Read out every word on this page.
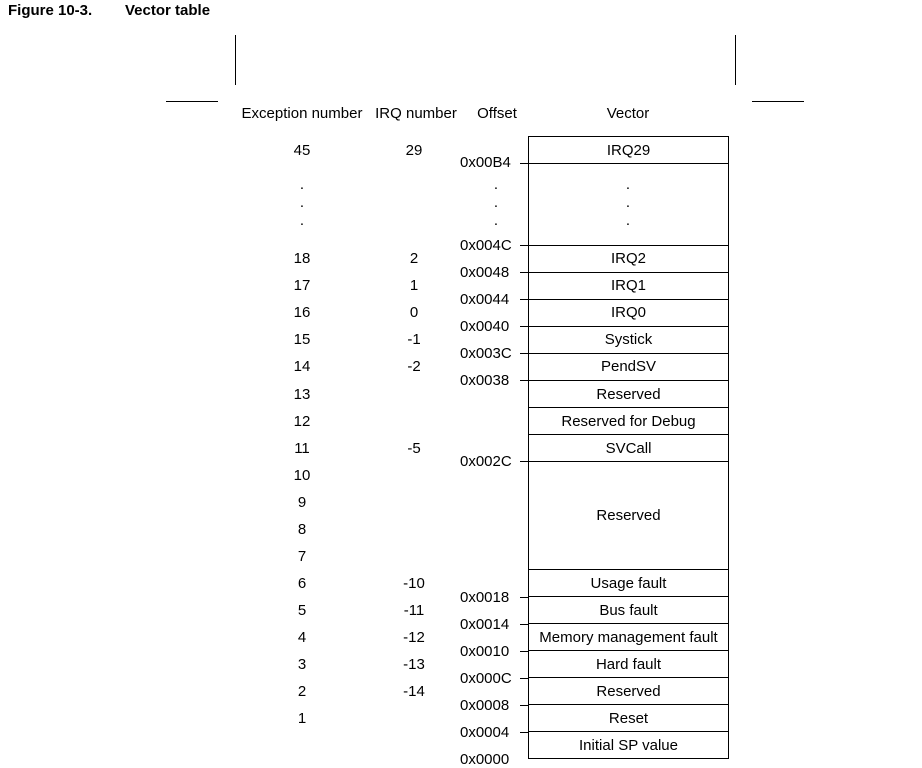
Figure 10-3. Vector table
Exception number IRQ number	Offset	Vector
45
18
17
16
15
14
13
12
11
10
9
8
7
6
5
4
3
2
1
29
2
1
0
-1
-2
-5
-10
-11
-12
-13
-14
.
.
.
.
.
.
.
.
.
0x00B4
0x004C
0x0048
0x0044
0x0040
0x003C
0x0038
0x002C
0x0018
0x0014
0x0010
0x000C
0x0008
0x0004
0x0000
IRQ29
IRQ2
IRQ1
IRQ0
Systick
PendSV
Reserved
Reserved for Debug
SVCall
Reserved
Usage fault
Bus fault
Memory management fault
Hard fault
Reserved
Reset
Initial SP value
